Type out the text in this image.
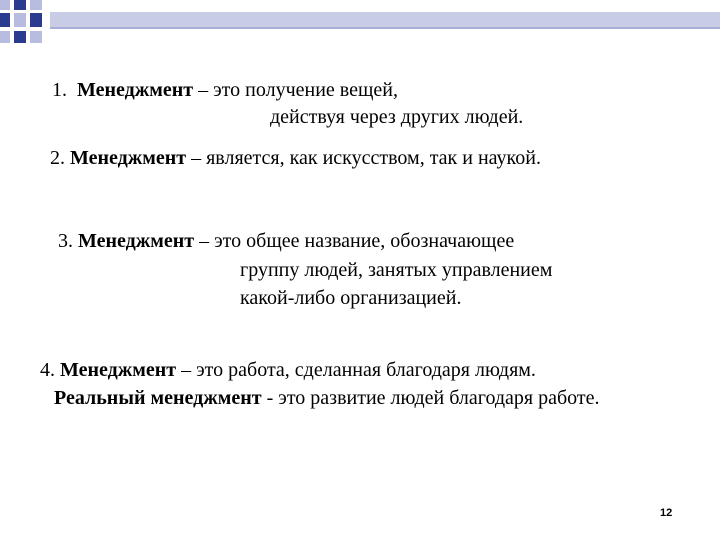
1. Менеджмент – это получение вещей,
действуя через других людей.
2. Менеджмент – является, как искусством, так и наукой.
3. Менеджмент – это общее название, обозначающее
группу людей, занятых управлением
какой-либо организацией.
4. Менеджмент – это работа, сделанная благодаря людям.
Реальный менеджмент - это развитие людей благодаря работе.
12
